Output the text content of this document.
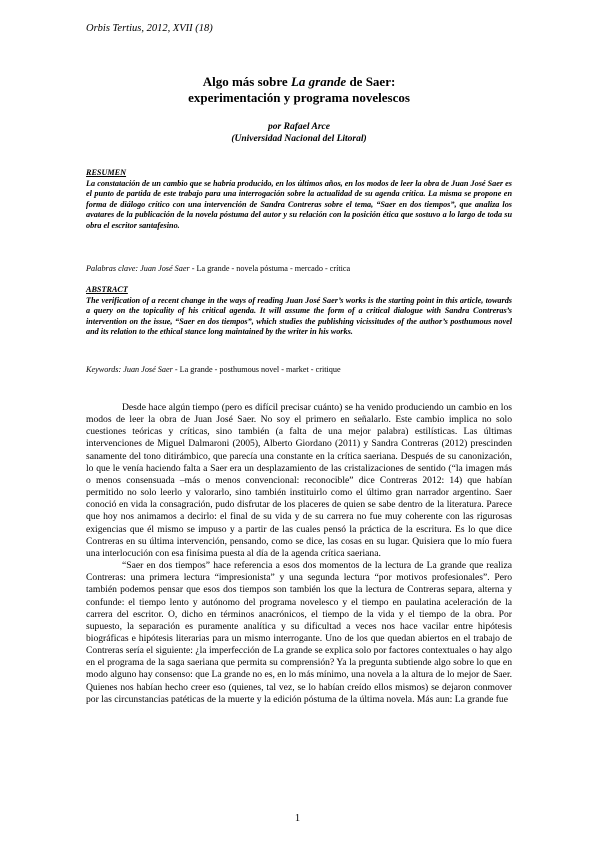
Orbis Tertius, 2012, XVII (18)
Algo más sobre La grande de Saer:
experimentación y programa novelescos
por Rafael Arce
(Universidad Nacional del Litoral)
RESUMEN
La constatación de un cambio que se habría producido, en los últimos años, en los modos de leer la obra de Juan José Saer es el punto de partida de este trabajo para una interrogación sobre la actualidad de su agenda crítica. La misma se propone en forma de diálogo crítico con una intervención de Sandra Contreras sobre el tema, “Saer en dos tiempos”, que analiza los avatares de la publicación de la novela póstuma del autor y su relación con la posición ética que sostuvo a lo largo de toda su obra el escritor santafesino.
Palabras clave: Juan José Saer - La grande - novela póstuma - mercado - crítica
ABSTRACT
The verification of a recent change in the ways of reading Juan José Saer’s works is the starting point in this article, towards a query on the topicality of his critical agenda. It will assume the form of a critical dialogue with Sandra Contreras’s intervention on the issue, “Saer en dos tiempos”, which studies the publishing vicissitudes of the author’s posthumous novel and its relation to the ethical stance long maintained by the writer in his works.
Keywords: Juan José Saer - La grande - posthumous novel - market - critique

Desde hace algún tiempo (pero es difícil precisar cuánto) se ha venido produciendo un cambio en los modos de leer la obra de Juan José Saer. No soy el primero en señalarlo. Este cambio implica no solo cuestiones teóricas y críticas, sino también (a falta de una mejor palabra) estilísticas. Las últimas intervenciones de Miguel Dalmaroni (2005), Alberto Giordano (2011) y Sandra Contreras (2012) prescinden sanamente del tono ditirámbico, que parecía una constante en la crítica saeriana. Después de su canonización, lo que le venía haciendo falta a Saer era un desplazamiento de las cristalizaciones de sentido (“la imagen más o menos consensuada –más o menos convencional: reconocible” dice Contreras 2012: 14) que habían permitido no solo leerlo y valorarlo, sino también instituirlo como el último gran narrador argentino. Saer conoció en vida la consagración, pudo disfrutar de los placeres de quien se sabe dentro de la literatura. Parece que hoy nos animamos a decirlo: el final de su vida y de su carrera no fue muy coherente con las rigurosas exigencias que él mismo se impuso y a partir de las cuales pensó la práctica de la escritura. Es lo que dice Contreras en su última intervención, pensando, como se dice, las cosas en su lugar. Quisiera que lo mío fuera una interlocución con esa finísima puesta al día de la agenda crítica saeriana.

“Saer en dos tiempos” hace referencia a esos dos momentos de la lectura de La grande que realiza Contreras: una primera lectura “impresionista” y una segunda lectura “por motivos profesionales”. Pero también podemos pensar que esos dos tiempos son también los que la lectura de Contreras separa, alterna y confunde: el tiempo lento y autónomo del programa novelesco y el tiempo en paulatina aceleración de la carrera del escritor. O, dicho en términos anacrónicos, el tiempo de la vida y el tiempo de la obra. Por supuesto, la separación es puramente analítica y su dificultad a veces nos hace vacilar entre hipótesis biográficas e hipótesis literarias para un mismo interrogante. Uno de los que quedan abiertos en el trabajo de Contreras sería el siguiente: ¿la imperfección de La grande se explica solo por factores contextuales o hay algo en el programa de la saga saeriana que permita su comprensión? Ya la pregunta subtiende algo sobre lo que en modo alguno hay consenso: que La grande no es, en lo más mínimo, una novela a la altura de lo mejor de Saer. Quienes nos habían hecho creer eso (quienes, tal vez, se lo habían creído ellos mismos) se dejaron conmover por las circunstancias patéticas de la muerte y la edición póstuma de la última novela. Más aun: La grande fue

1
